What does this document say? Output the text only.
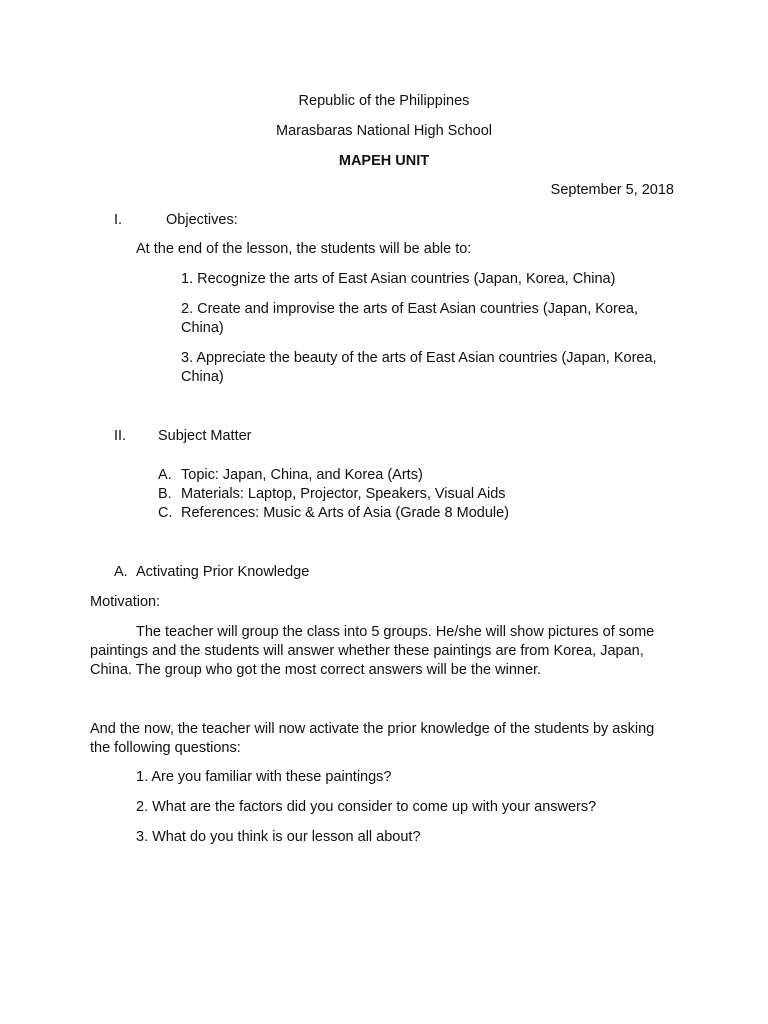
Republic of the Philippines
Marasbaras National High School
MAPEH UNIT
September 5, 2018
I.	Objectives:
At the end of the lesson, the students will be able to:
1. Recognize the arts of East Asian countries (Japan, Korea, China)
2. Create and improvise the arts of East Asian countries (Japan, Korea,
China)
3. Appreciate the beauty of the arts of East Asian countries (Japan, Korea,
China)
II. Subject Matter
A. Topic: Japan, China, and Korea (Arts)
B. Materials: Laptop, Projector, Speakers, Visual Aids
C. References: Music & Arts of Asia (Grade 8 Module)
A. Activating Prior Knowledge
Motivation:
The teacher will group the class into 5 groups. He/she will show pictures of some
paintings and the students will answer whether these paintings are from Korea, Japan,
China. The group who got the most correct answers will be the winner.
And the now, the teacher will now activate the prior knowledge of the students by asking
the following questions:
1. Are you familiar with these paintings?
2. What are the factors did you consider to come up with your answers?
3. What do you think is our lesson all about?
